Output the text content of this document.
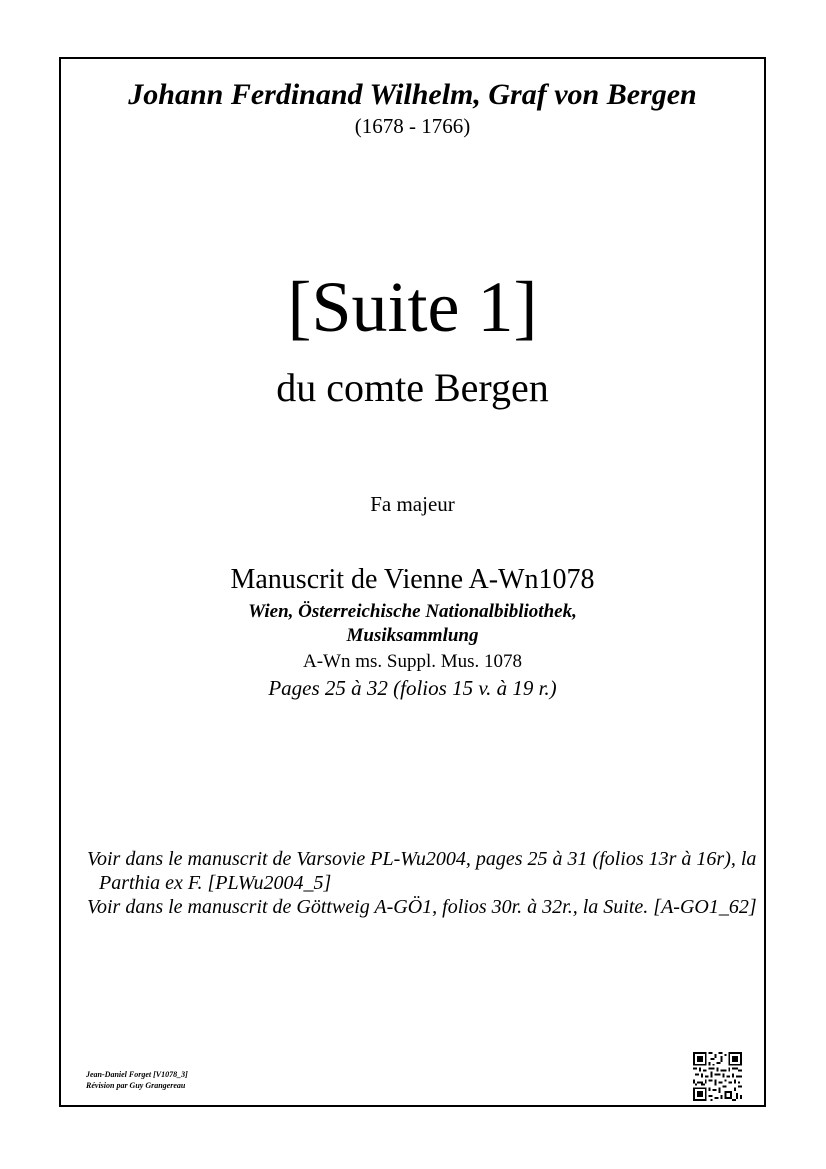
Johann Ferdinand Wilhelm, Graf von Bergen

(1678 - 1766)

[Suite 1]

du comte Bergen

Fa majeur

Manuscrit de Vienne A-Wn1078

Wien, Österreichische Nationalbibliothek,

Musiksammlung

A-Wn ms. Suppl. Mus. 1078

Pages 25 à 32 (folios 15 v. à 19 r.)

Voir dans le manuscrit de Varsovie PL-Wu2004, pages 25 à 31 (folios 13r à 16r), la Parthia ex F. [PLWu2004_5]

Voir dans le manuscrit de Göttweig A-GÖ1, folios 30r. à 32r., la Suite. [A-GO1_62]

Jean-Daniel Forget [V1078_3]
Révision par Guy Grangereau
